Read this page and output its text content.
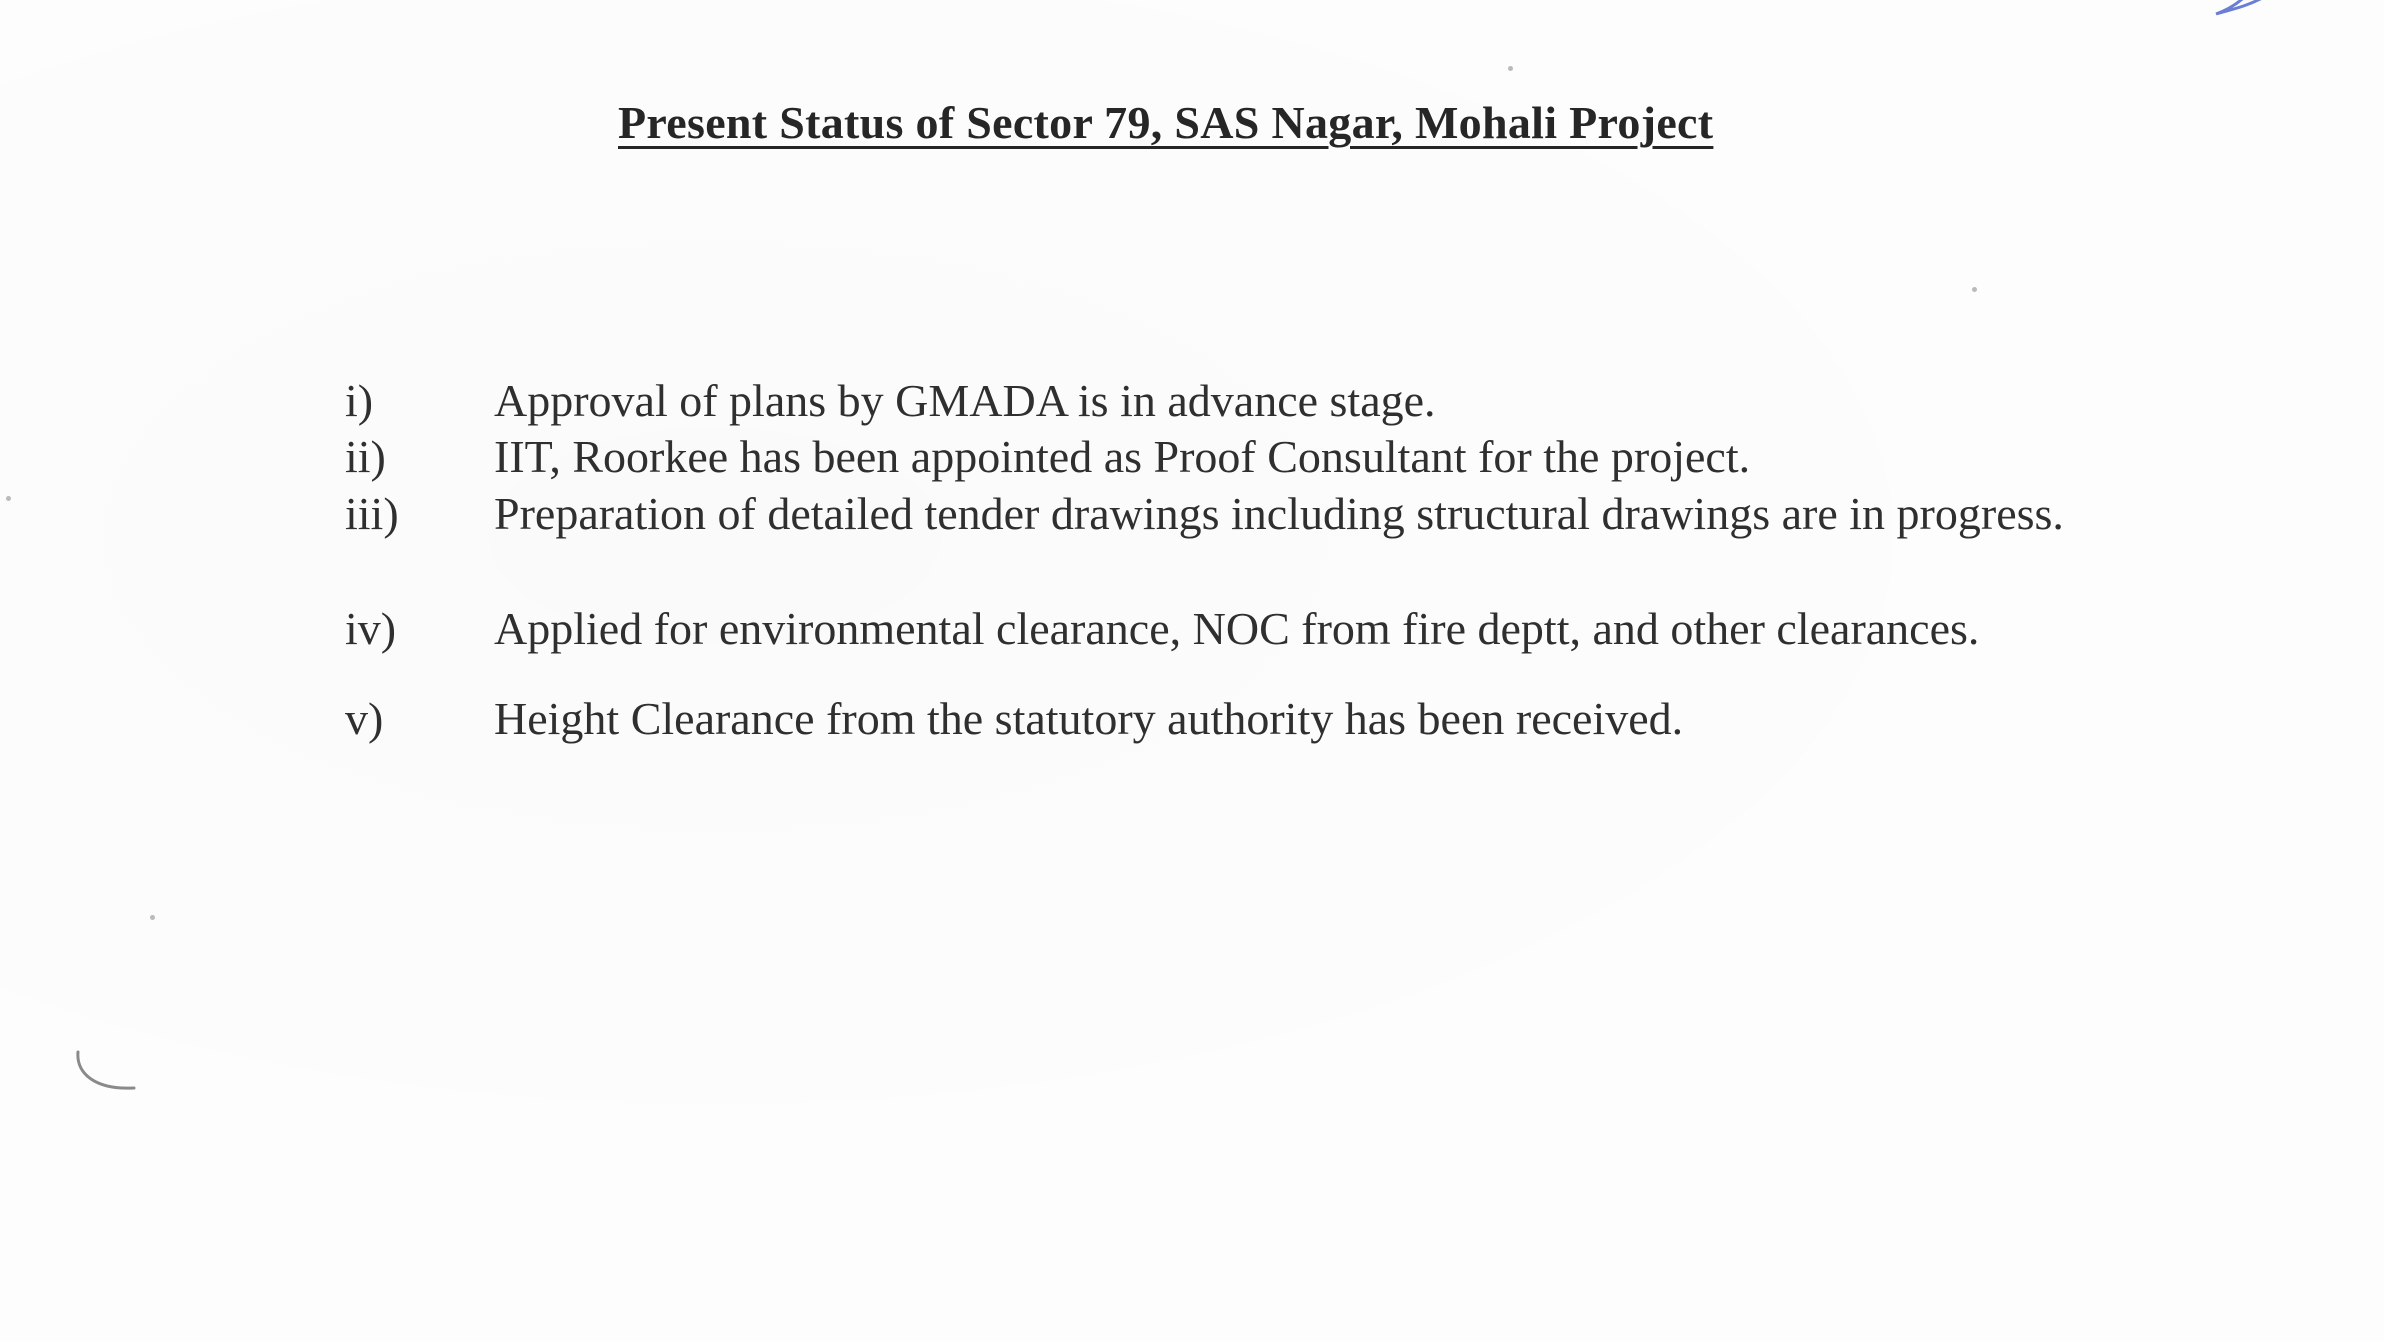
Present Status of Sector 79, SAS Nagar, Mohali Project
i)	Approval of plans by GMADA is in advance stage.
ii) IIT, Roorkee has been appointed as Proof Consultant for the project.
iii) Preparation of detailed tender drawings including structural drawings are in progress.
iv) Applied for environmental clearance, NOC from fire deptt, and other clearances.
v) Height Clearance from the statutory authority has been received.
